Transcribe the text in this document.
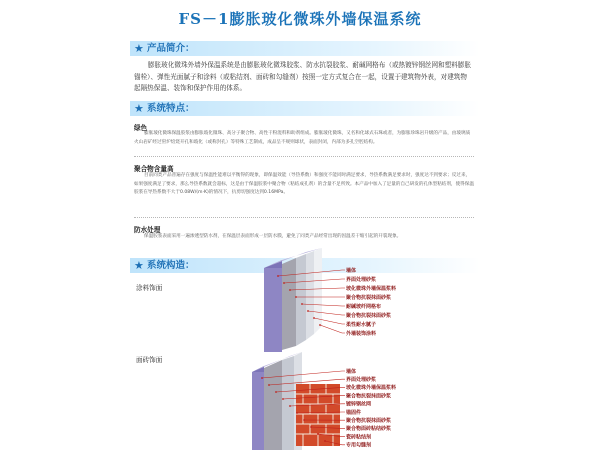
FS－1膨胀玻化微珠外墙保温系统
★ 产品简介：
膨胀玻化微珠外墙外保温系统是由膨胀玻化微珠胶浆、防水抗裂胶浆、耐碱网格布（或热镀锌钢丝网和塑料膨胀锚栓）、弹性光面腻子和涂料（或粘结剂、面砖和勾缝剂）按照一定方式复合在一起，设置于建筑物外表，对建筑物起隔热保温、装饰和保护作用的体系。
★ 系统特点：
绿色
膨胀玻化微珠保温胶浆由膨胀玻化微珠、高分子聚合物、高性干粉混料和助剂组成。膨胀玻化微珠，又名和化球式石珠或者，为膨胀珍珠岩升级的产品，由玻璃质火山岩矿经过窑炉焙烧开孔和玻化（或称封孔）等特殊工艺制成，成品呈不规则球状，表面封闭，内部为多孔空腔结构。
聚合物含量高
目前同类产品普遍存在强度与保温性能难以平衡得的现象，即保温效能（导热系数）和强度不能同时满足要求，导热系数满足要求时，强度达不到要求；反过来，如果强度满足了要求，那么导热系数就会超标，这是由于保温胶浆中聚合物（粘结成孔剂）的含量不足所致。本产品中加入了足量的自己研发的孔体型粘结剂，使得保温胶浆在导热系数不大于0.08W/(m·K)的情况下，抗剪切强度达到0.16MPa。
防水处理
保温胶浆表面采用一遍渗透型防水剂，在保温层表面形成一层防水膜，避免了同类产品经常出现的因温差干缩引起的开裂现象。
★ 系统构造：
涂料饰面
面砖饰面
墙体
界面处理砂浆
玻化微珠外墙保温浆料
聚合物抗裂抹面砂浆
耐碱玻纤网格布
聚合物抗裂抹面砂浆
柔性耐水腻子
外墙装饰涂料
墙体
界面处理砂浆
玻化微珠外墙保温浆料
聚合物抗裂抹面砂浆
镀锌钢丝网
锚固件
聚合物抗裂抹面砂浆
聚合物面砖粘结砂浆
瓷砖粘结剂
专用勾缝剂
